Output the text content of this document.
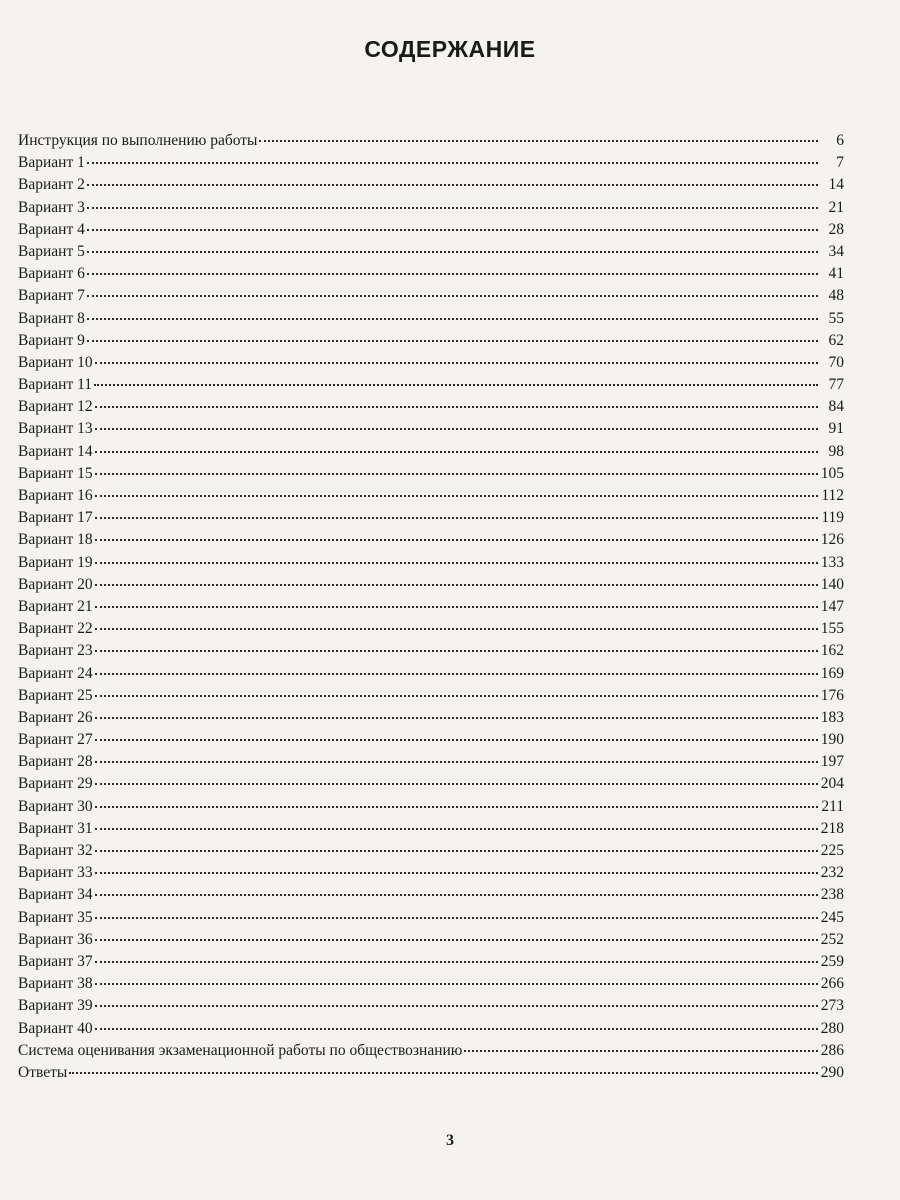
СОДЕРЖАНИЕ
Инструкция по выполнению работы	6
Вариант 1	7
Вариант 2	14
Вариант 3	21
Вариант 4	28
Вариант 5	34
Вариант 6	41
Вариант 7	48
Вариант 8	55
Вариант 9	62
Вариант 10	70
Вариант 11	77
Вариант 12	84
Вариант 13	91
Вариант 14	98
Вариант 15	105
Вариант 16	112
Вариант 17	119
Вариант 18	126
Вариант 19	133
Вариант 20	140
Вариант 21	147
Вариант 22	155
Вариант 23	162
Вариант 24	169
Вариант 25	176
Вариант 26	183
Вариант 27	190
Вариант 28	197
Вариант 29	204
Вариант 30	211
Вариант 31	218
Вариант 32	225
Вариант 33	232
Вариант 34	238
Вариант 35	245
Вариант 36	252
Вариант 37	259
Вариант 38	266
Вариант 39	273
Вариант 40	280
Система оценивания экзаменационной работы по обществознанию	286
Ответы	290
3
